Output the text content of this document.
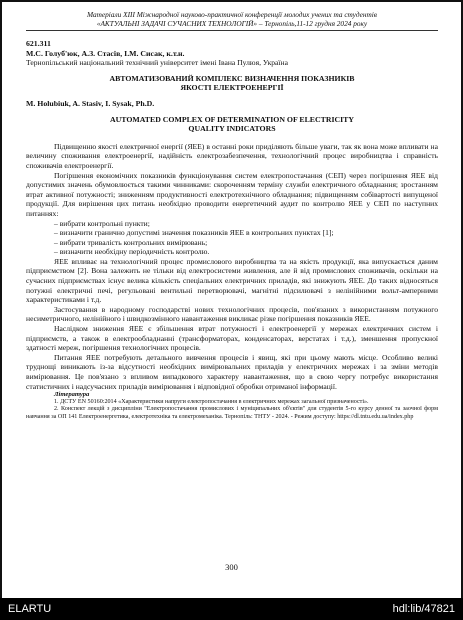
Матеріали XIII Міжнародної науково-практичної конференції молодих учених та студентів
«АКТУАЛЬНІ ЗАДАЧІ СУЧАСНИХ ТЕХНОЛОГІЙ» – Тернопіль,11-12 грудня 2024 року
621.311
М.С. Голуб'юк, А.З. Стасів, І.М. Сисак, к.т.н.
Тернопільський національний технічний університет імені Івана Пулюя, Україна
АВТОМАТИЗОВАНИЙ КОМПЛЕКС ВИЗНАЧЕННЯ ПОКАЗНИКІВ
ЯКОСТІ ЕЛЕКТРОЕНЕРГІЇ
M. Holubiuk, A. Stasiv, I. Sysak, Ph.D.
AUTOMATED COMPLEX OF DETERMINATION OF ELECTRICITY
QUALITY INDICATORS

Підвищенню якості електричної енергії (ЯЕЕ) в останні роки приділяють більше уваги, так як вона може впливати на величину споживання електроенергії, надійність електрозабезпечення, технологічний процес виробництва і справність споживачів електроенергії.

Погіршення економічних показників функціонування систем електропостачання (СЕП) через погіршення ЯЕЕ від допустимих значень обумовлюється такими чинниками: скороченням терміну служби електричного обладнання; зростанням втрат активної потужності; зниженням продуктивності електротехнічного обладнання; підвищенням собівартості випущеної продукції. Для вирішення цих питань необхідно проводити енергетичний аудит по контролю ЯЕЕ у СЕП по наступних питаннях:

– вибрати контрольні пункти;

– визначити гранично допустимі значення показників ЯЕЕ в контрольних пунктах [1];

– вибрати тривалість контрольних вимірювань;

– визначити необхідну періодичність контролю.

ЯЕЕ впливає на технологічний процес промислового виробництва та на якість продукції, яка випускається даним підприємством [2]. Вона залежить не тільки від електросистеми живлення, але й від промислових споживачів, оскільки на сучасних підприємствах існує велика кількість спеціальних електричних приладів, які знижують ЯЕЕ. До таких відносяться потужні електричні печі, регульовані вентильні перетворювачі, магнітні підсилювачі з нелінійними вольт-амперними характеристиками і т.д.

Застосування в народному господарстві нових технологічних процесів, пов'язаних з використанням потужного несиметричного, нелінійного і швидкозмінного навантаження викликає різке погіршення показників ЯЕЕ.

Наслідком зниження ЯЕЕ є збільшення втрат потужності і електроенергії у мережах електричних систем і підприємств, а також в електрообладнанні (трансформаторах, конденсаторах, верстатах і т.д.), зменшення пропускної здатності мереж, погіршення технологічних процесів.

Питання ЯЕЕ потребують детального вивчення процесів і явищ, які при цьому мають місце. Особливо великі труднощі виникають із-за відсутності необхідних вимірювальних приладів у електричних мережах і за зміни методів вимірювання. Це пов'язано з впливом випадкового характеру навантаження, що в свою чергу потребує використання статистичних і надсучасних приладів вимірювання і відповідної обробки отриманої інформації.

Література

1. ДСТУ EN 50160:2014 «Характеристики напруги електропостачання в електричних мережах загальної призначеності».

2. Конспект лекцій з дисципліни "Електропостачання промислових і муніципальних об'єктів" для студентів 5-го курсу денної та заочної форм навчання за ОП 141 Електроенергетика, електротехніка та електромеханіка. Тернопіль: ТНТУ - 2024. - Режим доступу: https://dl.tntu.edu.ua/index.php

300
ELARTU	hdl:lib/47821
